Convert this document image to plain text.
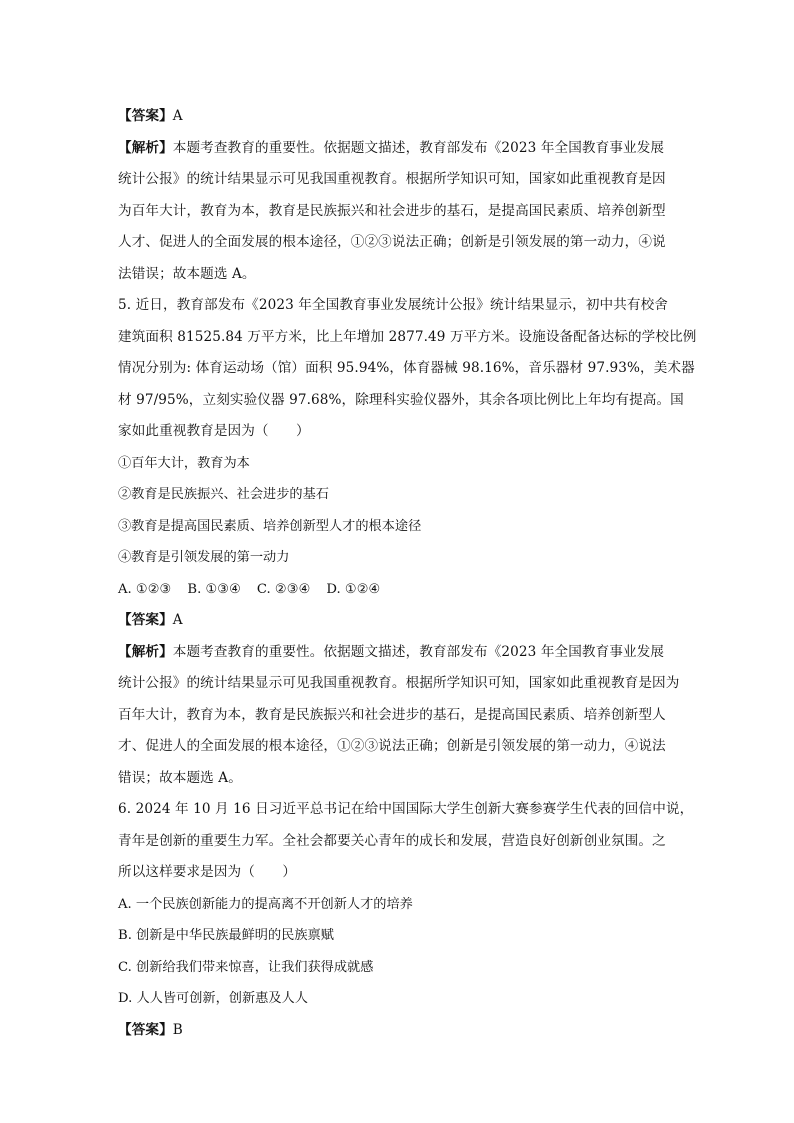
【答案】A
【解析】本题考查教育的重要性。依据题文描述，教育部发布《2023 年全国教育事业发展
统计公报》的统计结果显示可见我国重视教育。根据所学知识可知，国家如此重视教育是因
为百年大计，教育为本，教育是民族振兴和社会进步的基石，是提高国民素质、培养创新型
人才、促进人的全面发展的根本途径，①②③说法正确；创新是引领发展的第一动力，④说
法错误；故本题选 A。
5. 近日，教育部发布《2023 年全国教育事业发展统计公报》统计结果显示，初中共有校舍
建筑面积 81525.84 万平方米，比上年增加 2877.49 万平方米。设施设备配备达标的学校比例
情况分别为: 体育运动场（馆）面积 95.94%，体育器械 98.16%，音乐器材 97.93%，美术器
材 97/95%，立刻实验仪器 97.68%，除理科实验仪器外，其余各项比例比上年均有提高。国
家如此重视教育是因为（　　）
①百年大计，教育为本
②教育是民族振兴、社会进步的基石
③教育是提高国民素质、培养创新型人才的根本途径
④教育是引领发展的第一动力
A. ①②③ B. ①③④ C. ②③④ D. ①②④
【答案】A
【解析】本题考查教育的重要性。依据题文描述，教育部发布《2023 年全国教育事业发展
统计公报》的统计结果显示可见我国重视教育。根据所学知识可知，国家如此重视教育是因为
百年大计，教育为本，教育是民族振兴和社会进步的基石，是提高国民素质、培养创新型人
才、促进人的全面发展的根本途径，①②③说法正确；创新是引领发展的第一动力，④说法
错误；故本题选 A。
6. 2024 年 10 月 16 日习近平总书记在给中国国际大学生创新大赛参赛学生代表的回信中说，
青年是创新的重要生力军。全社会都要关心青年的成长和发展，营造良好创新创业氛围。之
所以这样要求是因为（　　）
A. 一个民族创新能力的提高离不开创新人才的培养
B. 创新是中华民族最鲜明的民族禀赋
C. 创新给我们带来惊喜，让我们获得成就感
D. 人人皆可创新，创新惠及人人
【答案】B
